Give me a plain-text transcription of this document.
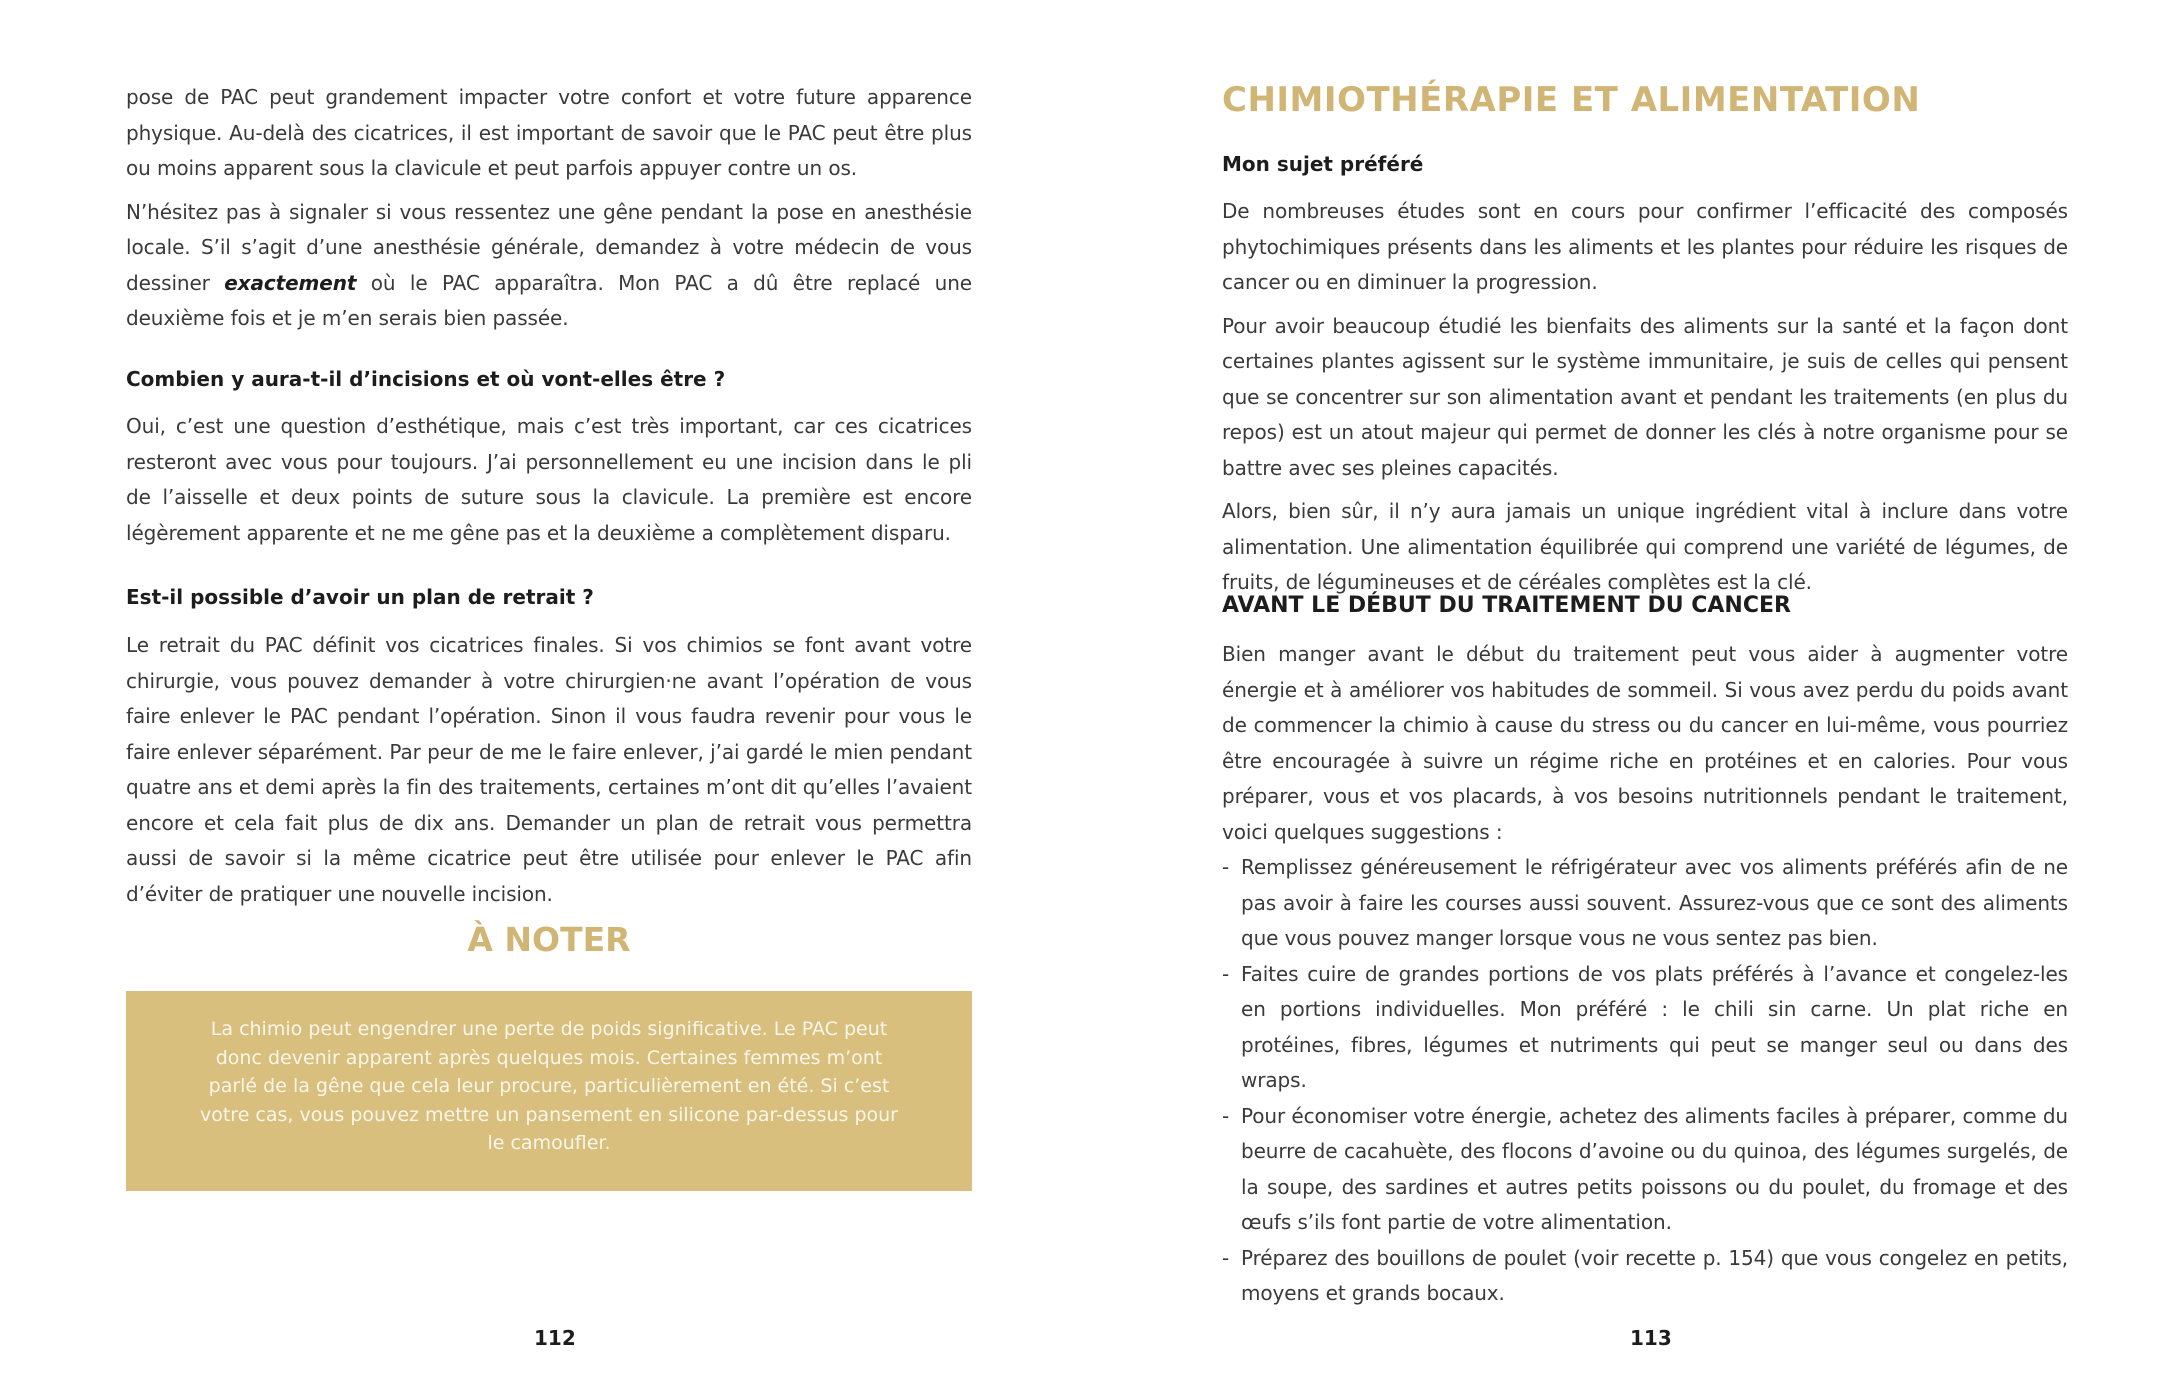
pose de PAC peut grandement impacter votre confort et votre future apparence physique. Au-delà des cicatrices, il est important de savoir que le PAC peut être plus ou moins apparent sous la clavicule et peut parfois appuyer contre un os.

N’hésitez pas à signaler si vous ressentez une gêne pendant la pose en anesthésie locale. S’il s’agit d’une anesthésie générale, demandez à votre médecin de vous dessiner exactement où le PAC apparaîtra. Mon PAC a dû être replacé une deuxième fois et je m’en serais bien passée.

Combien y aura-t-il d’incisions et où vont-elles être ?

Oui, c’est une question d’esthétique, mais c’est très important, car ces cicatrices resteront avec vous pour toujours. J’ai personnellement eu une incision dans le pli de l’aisselle et deux points de suture sous la clavicule. La première est encore légèrement apparente et ne me gêne pas et la deuxième a complètement disparu.

Est-il possible d’avoir un plan de retrait ?

Le retrait du PAC définit vos cicatrices finales. Si vos chimios se font avant votre chirurgie, vous pouvez demander à votre chirurgien·ne avant l’opération de vous faire enlever le PAC pendant l’opération. Sinon il vous faudra revenir pour vous le faire enlever séparément. Par peur de me le faire enlever, j’ai gardé le mien pendant quatre ans et demi après la fin des traitements, certaines m’ont dit qu’elles l’avaient encore et cela fait plus de dix ans. Demander un plan de retrait vous permettra aussi de savoir si la même cicatrice peut être utilisée pour enlever le PAC afin d’éviter de pratiquer une nouvelle incision.

À NOTER
La chimio peut engendrer une perte de poids significative. Le PAC peut donc devenir apparent après quelques mois. Certaines femmes m’ont parlé de la gêne que cela leur procure, particulièrement en été. Si c’est votre cas, vous pouvez mettre un pansement en silicone par-dessus pour le camoufler.
112
CHIMIOTHÉRAPIE ET ALIMENTATION
Mon sujet préféré

De nombreuses études sont en cours pour confirmer l’efficacité des composés phytochimiques présents dans les aliments et les plantes pour réduire les risques de cancer ou en diminuer la progression.

Pour avoir beaucoup étudié les bienfaits des aliments sur la santé et la façon dont certaines plantes agissent sur le système immunitaire, je suis de celles qui pensent que se concentrer sur son alimentation avant et pendant les traitements (en plus du repos) est un atout majeur qui permet de donner les clés à notre organisme pour se battre avec ses pleines capacités.

Alors, bien sûr, il n’y aura jamais un unique ingrédient vital à inclure dans votre alimentation. Une alimentation équilibrée qui comprend une variété de légumes, de fruits, de légumineuses et de céréales complètes est la clé.

AVANT LE DÉBUT DU TRAITEMENT DU CANCER

Bien manger avant le début du traitement peut vous aider à augmenter votre énergie et à améliorer vos habitudes de sommeil. Si vous avez perdu du poids avant de commencer la chimio à cause du stress ou du cancer en lui-même, vous pourriez être encouragée à suivre un régime riche en protéines et en calories. Pour vous préparer, vous et vos placards, à vos besoins nutritionnels pendant le traitement, voici quelques suggestions :

- Remplissez généreusement le réfrigérateur avec vos aliments préférés afin de ne pas avoir à faire les courses aussi souvent. Assurez-vous que ce sont des aliments que vous pouvez manger lorsque vous ne vous sentez pas bien.
- Faites cuire de grandes portions de vos plats préférés à l’avance et congelez-les en portions individuelles. Mon préféré : le chili sin carne. Un plat riche en protéines, fibres, légumes et nutriments qui peut se manger seul ou dans des wraps.
- Pour économiser votre énergie, achetez des aliments faciles à préparer, comme du beurre de cacahuète, des flocons d’avoine ou du quinoa, des légumes surgelés, de la soupe, des sardines et autres petits poissons ou du poulet, du fromage et des œufs s’ils font partie de votre alimentation.
- Préparez des bouillons de poulet (voir recette p. 154) que vous congelez en petits, moyens et grands bocaux.
113
